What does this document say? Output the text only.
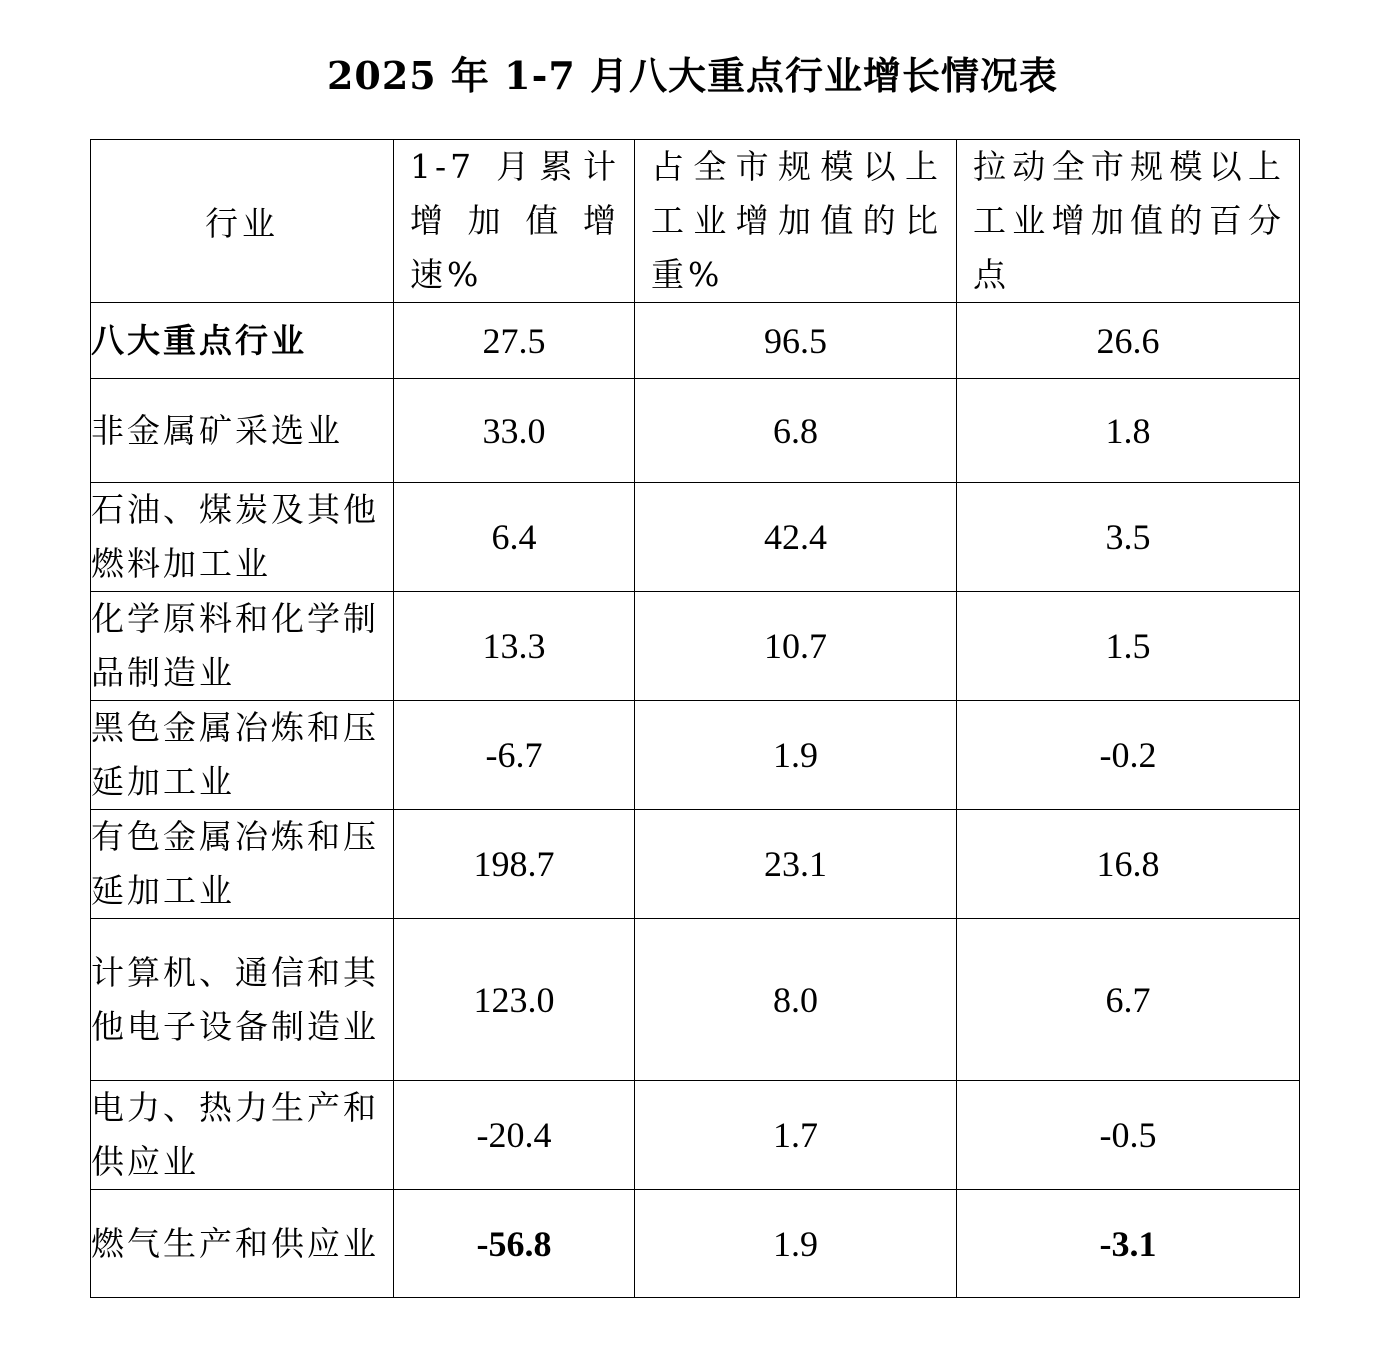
2025 年 1-7 月八大重点行业增长情况表
行业	1-7 月累计增加值增速%	占全市规模以上工业增加值的比重%	拉动全市规模以上工业增加值的百分点

八大重点行业	27.5	96.5	26.6
非金属矿采选业	33.0	6.8	1.8
石油、煤炭及其他燃料加工业	6.4	42.4	3.5
化学原料和化学制品制造业	13.3	10.7	1.5
黑色金属冶炼和压延加工业	-6.7	1.9	-0.2
有色金属冶炼和压延加工业	198.7	23.1	16.8
计算机、通信和其他电子设备制造业	123.0	8.0	6.7
电力、热力生产和供应业	-20.4	1.7	-0.5
燃气生产和供应业	-56.8	1.9	-3.1
